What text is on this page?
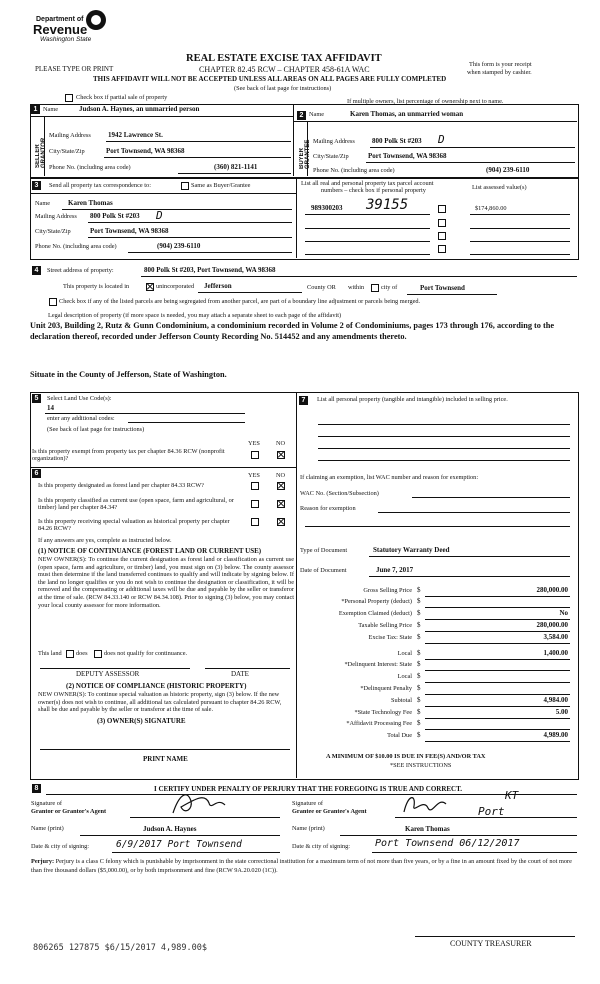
Department of
Revenue
Washington State
REAL ESTATE EXCISE TAX AFFIDAVIT
PLEASE TYPE OR PRINT	CHAPTER 82.45 RCW – CHAPTER 458-61A WAC
This form is your receipt
when stamped by cashier.
THIS AFFIDAVIT WILL NOT BE ACCEPTED UNLESS ALL AREAS ON ALL PAGES ARE FULLY COMPLETED
(See back of last page for instructions)
Check box if partial sale of property
If multiple owners, list percentage of ownership next to name.
1 Name	Judson A. Haynes, an unmarried person
SELLER GRANTOR
Mailing Address 1942 Lawrence St.
City/State/Zip	Port Townsend, WA 98368
Phone No. (including area code)	(360) 821-1141
2 Name	Karen Thomas, an unmarried woman
BUYER GRANTEE Mailing Address 800 Polk St #203 D
City/State/Zip	Port Townsend, WA 98368
Phone No. (including area code)	(904) 239-6110
3	Send all property tax correspondence to:	Same as Buyer/Grantee
Name	Karen Thomas
Mailing Address 800 Polk St #203 D
City/State/Zip	Port Townsend, WA 98368
Phone No. (including area code)	(904) 239-6110
List all real and personal property tax parcel account
numbers – check box if personal property	List assessed value(s)
989300203 39155	$174,860.00
4	Street address of property:	800 Polk St #203, Port Townsend, WA 98368
This property is located in	unincorporated Jefferson	County OR within	city of	Port Townsend
Check box if any of the listed parcels are being segregated from another parcel, are part of a boundary line adjustment or parcels being merged.
Legal description of property (if more space is needed, you may attach a separate sheet to each page of the affidavit)
Unit 203, Building 2, Rutz & Gunn Condominium, a condominium recorded in Volume 2 of Condominiums, pages 173 through 176, according to the declaration thereof, recorded under Jefferson County Recording No. 514452 and any amendments thereto.
Situate in the County of Jefferson, State of Washington.
5	Select Land Use Code(s):
14
enter any additional codes:
(See back of last page for instructions)
YES	NO
Is this property exempt from property tax per chapter 84.36 RCW (nonprofit organization)?
6	YES	NO
Is this property designated as forest land per chapter 84.33 RCW?
Is this property classified as current use (open space, farm and agricultural, or timber) land per chapter 84.34?
Is this property receiving special valuation as historical property per chapter 84.26 RCW?
If any answers are yes, complete as instructed below.
(1) NOTICE OF CONTINUANCE (FOREST LAND OR CURRENT USE)
NEW OWNER(S): To continue the current designation as forest land or classification as current use (open space, farm and agriculture, or timber) land, you must sign on (3) below. The county assessor must then determine if the land transferred continues to qualify and will indicate by signing below. If the land no longer qualifies or you do not wish to continue the designation or classification, it will be removed and the compensating or additional taxes will be due and payable by the seller or transferor at the time of sale. (RCW 84.33.140 or RCW 84.34.108). Prior to signing (3) below, you may contact your local county assessor for more information.
This land does	does not qualify for continuance.
DEPUTY ASSESSOR	DATE
(2) NOTICE OF COMPLIANCE (HISTORIC PROPERTY)
NEW OWNER(S): To continue special valuation as historic property, sign (3) below. If the new owner(s) does not wish to continue, all additional tax calculated pursuant to chapter 84.26 RCW, shall be due and payable by the seller or transferor at the time of sale.
(3) OWNER(S) SIGNATURE
PRINT NAME
7	List all personal property (tangible and intangible) included in selling price.
If claiming an exemption, list WAC number and reason for exemption:
WAC No. (Section/Subsection)
Reason for exemption
Type of Document	Statutory Warranty Deed
Date of Document	June 7, 2017
Gross Selling Price $	280,000.00
*Personal Property (deduct) $
Exemption Claimed (deduct) $	No
Taxable Selling Price $	280,000.00
Excise Tax: State $	3,584.00
Local $	1,400.00
*Delinquent Interest: State $
Local $
*Delinquent Penalty $
Subtotal $	4,984.00
*State Technology Fee $	5.00
*Affidavit Processing Fee $
Total Due $	4,989.00
A MINIMUM OF $10.00 IS DUE IN FEE(S) AND/OR TAX
*SEE INSTRUCTIONS
8	I CERTIFY UNDER PENALTY OF PERJURY THAT THE FOREGOING IS TRUE AND CORRECT.
Signature of
Grantor or Grantor's Agent
Signature of
Grantee or Grantee's Agent
KT
Port
Name (print)	Judson A. Haynes	Name (print)	Karen Thomas
Date & city of signing:	6/9/2017 Port Townsend	Date & city of signing: Port Townsend 06/12/2017
Perjury: Perjury is a class C felony which is punishable by imprisonment in the state correctional institution for a maximum term of not more than five years, or by a fine in an amount fixed by the court of not more than five thousand dollars ($5,000.00), or by both imprisonment and fine (RCW 9A.20.020 (1C)).
806265 127875 $6/15/2017 4,989.00$	COUNTY TREASURER
